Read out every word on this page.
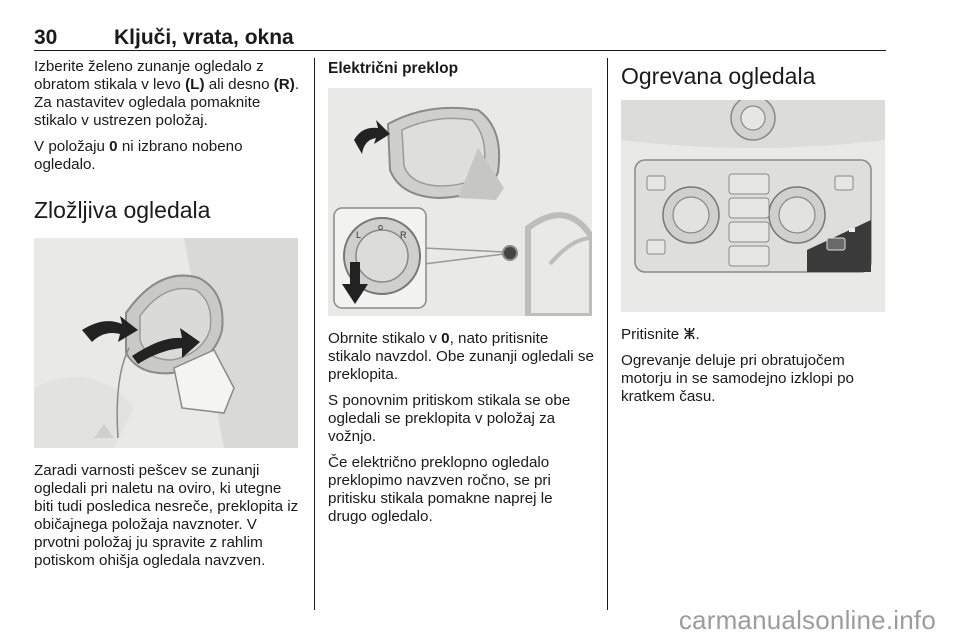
30	Ključi, vrata, okna

Izberite želeno zunanje ogledalo z obratom stikala v levo (L) ali desno (R). Za nastavitev ogledala pomaknite stikalo v ustrezen položaj.

V položaju 0 ni izbrano nobeno ogledalo.

Zložljiva ogledala

Zaradi varnosti pešcev se zunanji ogledali pri naletu na oviro, ki utegne biti tudi posledica nesreče, preklopita iz običajnega položaja navznoter. V prvotni položaj ju spravite z rahlim potiskom ohišja ogledala navzven.

Električni preklop
L
o
R

Obrnite stikalo v 0, nato pritisnite stikalo navzdol. Obe zunanji ogledali se preklopita.

S ponovnim pritiskom stikala se obe ogledali se preklopita v položaj za vožnjo.

Če električno preklopno ogledalo preklopimo navzven ročno, se pri pritisku stikala pomakne naprej le drugo ogledalo.

Ogrevana ogledala

Pritisnite ⵥ.

Ogrevanje deluje pri obratujočem motorju in se samodejno izklopi po kratkem času.

carmanualsonline.info
